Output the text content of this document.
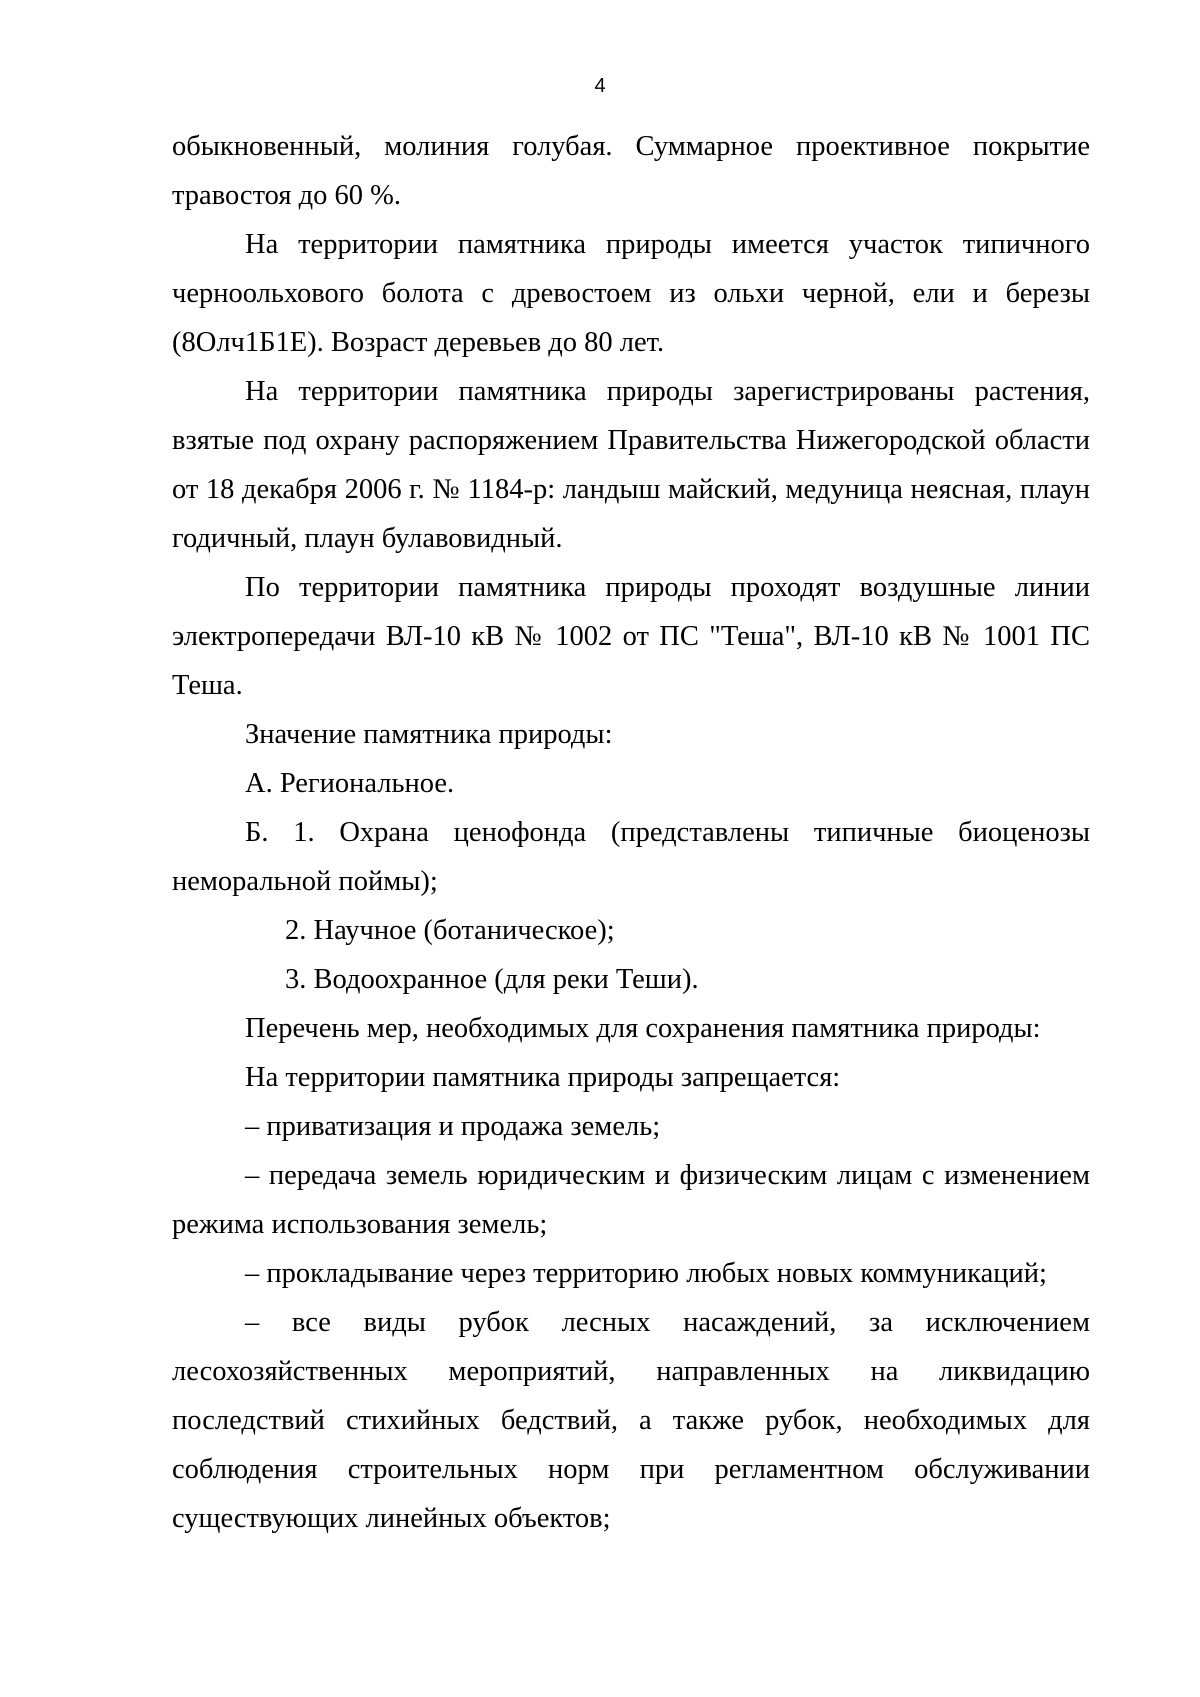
4

обыкновенный, молиния голубая. Суммарное проективное покрытие травостоя до 60 %.

На территории памятника природы имеется участок типичного черноольхового болота с древостоем из ольхи черной, ели и березы (8Олч1Б1Е). Возраст деревьев до 80 лет.

На территории памятника природы зарегистрированы растения, взятые под охрану распоряжением Правительства Нижегородской области от 18 декабря 2006 г. № 1184-р: ландыш майский, медуница неясная, плаун годичный, плаун булавовидный.

По территории памятника природы проходят воздушные линии электропередачи ВЛ-10 кВ № 1002 от ПС "Теша", ВЛ-10 кВ № 1001 ПС Теша.

Значение памятника природы:

А. Региональное.

Б. 1. Охрана ценофонда (представлены типичные биоценозы неморальной поймы);

2. Научное (ботаническое);

3. Водоохранное (для реки Теши).

Перечень мер, необходимых для сохранения памятника природы:

На территории памятника природы запрещается:

– приватизация и продажа земель;

– передача земель юридическим и физическим лицам с изменением режима использования земель;

– прокладывание через территорию любых новых коммуникаций;

– все виды рубок лесных насаждений, за исключением лесохозяйственных мероприятий, направленных на ликвидацию последствий стихийных бедствий, а также рубок, необходимых для соблюдения строительных норм при регламентном обслуживании существующих линейных объектов;
